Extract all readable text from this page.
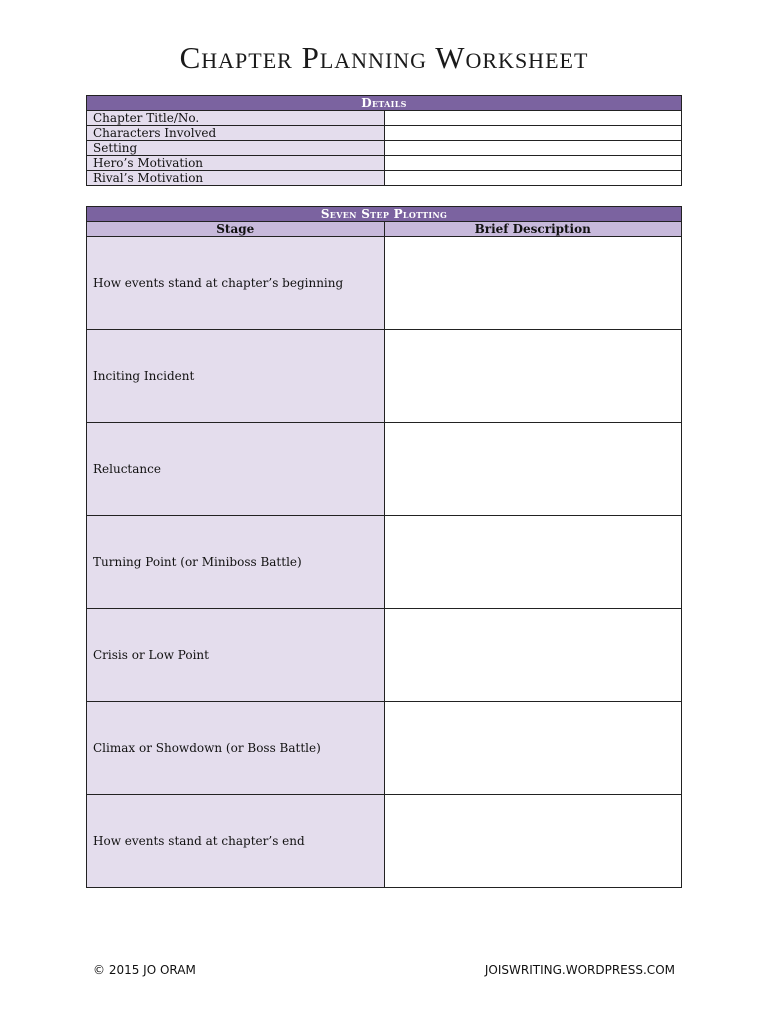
Chapter Planning Worksheet
Details	
Chapter Title/No.	
Characters Involved	
Setting	
Hero’s Motivation	
Rival’s Motivation	
Seven Step Plotting	
Stage	Brief Description
How events stand at chapter’s beginning	
Inciting Incident	
Reluctance	
Turning Point (or Miniboss Battle)	
Crisis or Low Point	
Climax or Showdown (or Boss Battle)	
How events stand at chapter’s end	
© 2015 JO ORAM	JOISWRITING.WORDPRESS.COM
